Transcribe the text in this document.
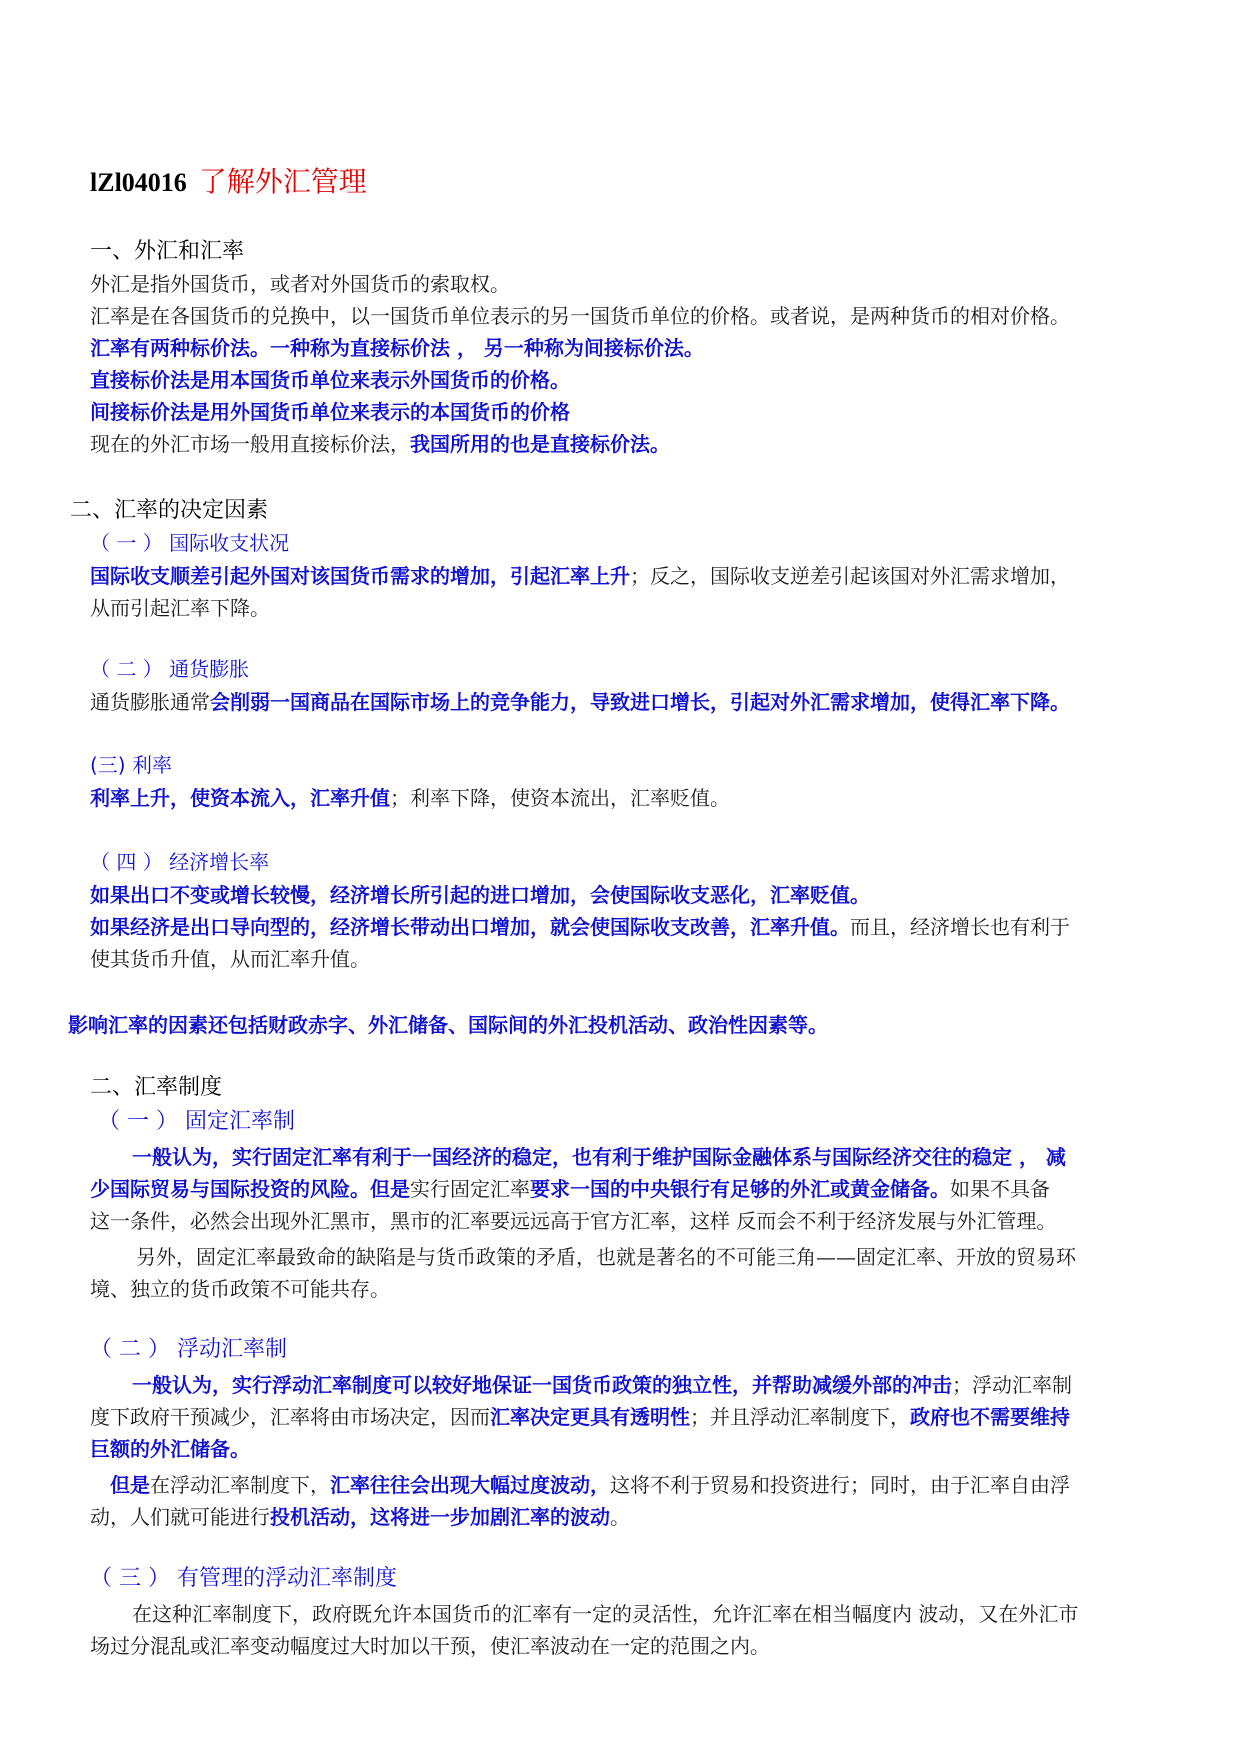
lZl04016 了解外汇管理
一、外汇和汇率
外汇是指外国货币，或者对外国货币的索取权。
汇率是在各国货币的兑换中，以一国货币单位表示的另一国货币单位的价格。或者说，是两种货币的相对价格。
汇率有两种标价法。一种称为直接标价法 ， 另一种称为间接标价法。
直接标价法是用本国货币单位来表示外国货币的价格。
间接标价法是用外国货币单位来表示的本国货币的价格
现在的外汇市场一般用直接标价法，我国所用的也是直接标价法。
二、汇率的决定因素
（ 一 ） 国际收支状况
国际收支顺差引起外国对该国货币需求的增加，引起汇率上升；反之，国际收支逆差引起该国对外汇需求增加，
从而引起汇率下降。
（ 二 ） 通货膨胀
通货膨胀通常会削弱一国商品在国际市场上的竞争能力，导致进口增长，引起对外汇需求增加，使得汇率下降。
(三) 利率
利率上升，使资本流入，汇率升值；利率下降，使资本流出，汇率贬值。
（ 四 ） 经济增长率
如果出口不变或增长较慢，经济增长所引起的进口增加，会使国际收支恶化，汇率贬值。
如果经济是出口导向型的，经济增长带动出口增加，就会使国际收支改善，汇率升值。而且，经济增长也有利于
使其货币升值，从而汇率升值。
影响汇率的因素还包括财政赤字、外汇储备、国际间的外汇投机活动、政治性因素等。
二、汇率制度
（ 一 ） 固定汇率制
一般认为，实行固定汇率有利于一国经济的稳定，也有利于维护国际金融体系与国际经济交往的稳定 ， 减
少国际贸易与国际投资的风险。但是实行固定汇率要求一国的中央银行有足够的外汇或黄金储备。如果不具备
这一条件，必然会出现外汇黑市，黑市的汇率要远远高于官方汇率，这样 反而会不利于经济发展与外汇管理。
另外，固定汇率最致命的缺陷是与货币政策的矛盾，也就是著名的不可能三角——固定汇率、开放的贸易环
境、独立的货币政策不可能共存。
（ 二 ） 浮动汇率制
一般认为，实行浮动汇率制度可以较好地保证一国货币政策的独立性，并帮助减缓外部的冲击；浮动汇率制
度下政府干预减少，汇率将由市场决定，因而汇率决定更具有透明性；并且浮动汇率制度下，政府也不需要维持
巨额的外汇储备。
但是在浮动汇率制度下，汇率往往会出现大幅过度波动，这将不利于贸易和投资进行；同时，由于汇率自由浮
动，人们就可能进行投机活动，这将进一步加剧汇率的波动。
（ 三 ） 有管理的浮动汇率制度
在这种汇率制度下，政府既允许本国货币的汇率有一定的灵活性，允许汇率在相当幅度内 波动，又在外汇市
场过分混乱或汇率变动幅度过大时加以干预，使汇率波动在一定的范围之内。
